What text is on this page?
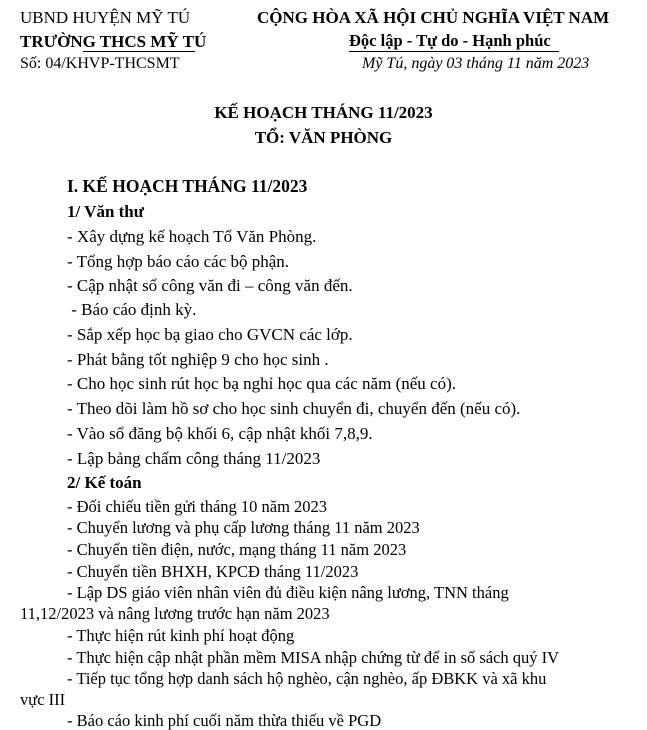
UBND HUYỆN MỸ TÚ
TRƯỜNG THCS MỸ TÚ
Số: 04/KHVP-THCSMT
CỘNG HÒA XÃ HỘI CHỦ NGHĨA VIỆT NAM
Độc lập - Tự do - Hạnh phúc
Mỹ Tú, ngày 03 tháng 11 năm 2023
KẾ HOẠCH THÁNG 11/2023
TỔ: VĂN PHÒNG
I. KẾ HOẠCH THÁNG 11/2023
1/ Văn thư
- Xây dựng kế hoạch Tổ Văn Phòng.
- Tổng hợp báo cáo các bộ phận.
- Cập nhật sổ công văn đi – công văn đến.
- Báo cáo định kỳ.
- Sắp xếp học bạ giao cho GVCN các lớp.
- Phát bằng tốt nghiệp 9 cho học sinh .
- Cho học sinh rút học bạ nghỉ học qua các năm (nếu có).
- Theo dõi làm hồ sơ cho học sinh chuyển đi, chuyển đến (nếu có).
- Vào sổ đăng bộ khối 6, cập nhật khối 7,8,9.
- Lập bảng chấm công tháng 11/2023
2/ Kế toán
- Đối chiếu tiền gửi tháng 10 năm 2023
- Chuyển lương và phụ cấp lương tháng 11 năm 2023
- Chuyển tiền điện, nước, mạng tháng 11 năm 2023
- Chuyển tiền BHXH, KPCĐ tháng 11/2023
- Lập DS giáo viên nhân viên đủ điều kiện nâng lương, TNN tháng
11,12/2023 và nâng lương trước hạn năm 2023
- Thực hiện rút kinh phí hoạt động
- Thực hiện cập nhật phần mềm MISA nhập chứng từ để in sổ sách quý IV
- Tiếp tục tổng hợp danh sách hộ nghèo, cận nghèo, ấp ĐBKK và xã khu
vực III
- Báo cáo kinh phí cuối năm thừa thiếu về PGD
